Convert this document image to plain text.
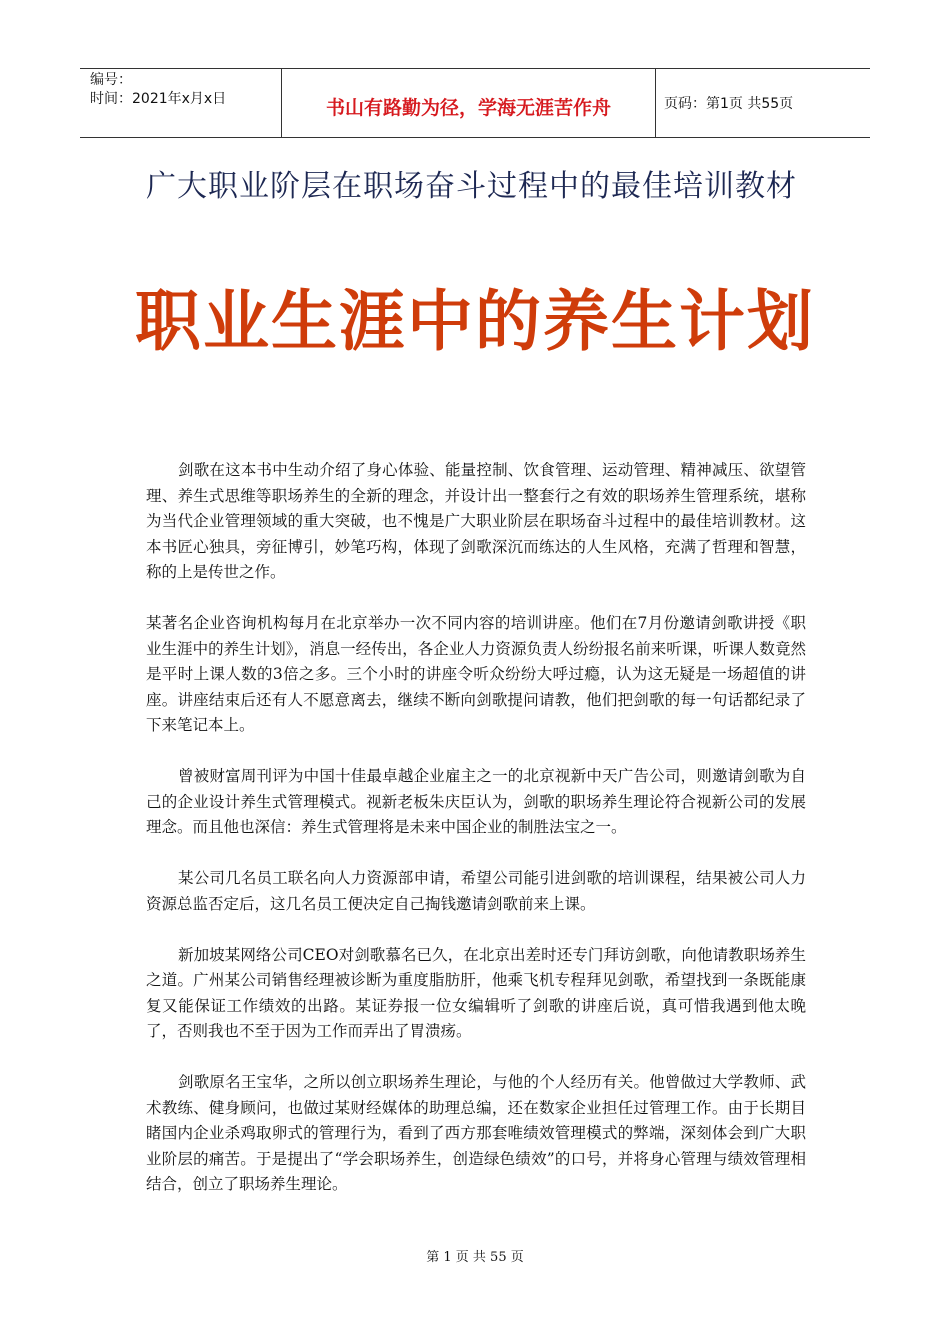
编号：
时间：2021年x月x日	书山有路勤为径，学海无涯苦作舟	页码：第1页 共55页
广大职业阶层在职场奋斗过程中的最佳培训教材
职业生涯中的养生计划

剑歌在这本书中生动介绍了身心体验、能量控制、饮食管理、运动管理、精神减压、欲望管理、养生式思维等职场养生的全新的理念，并设计出一整套行之有效的职场养生管理系统，堪称为当代企业管理领域的重大突破，也不愧是广大职业阶层在职场奋斗过程中的最佳培训教材。这本书匠心独具，旁征博引，妙笔巧构，体现了剑歌深沉而练达的人生风格，充满了哲理和智慧，称的上是传世之作。

某著名企业咨询机构每月在北京举办一次不同内容的培训讲座。他们在7月份邀请剑歌讲授《职业生涯中的养生计划》，消息一经传出，各企业人力资源负责人纷纷报名前来听课，听课人数竟然是平时上课人数的3倍之多。三个小时的讲座令听众纷纷大呼过瘾，认为这无疑是一场超值的讲座。讲座结束后还有人不愿意离去，继续不断向剑歌提问请教，他们把剑歌的每一句话都纪录了下来笔记本上。

曾被财富周刊评为中国十佳最卓越企业雇主之一的北京视新中天广告公司，则邀请剑歌为自己的企业设计养生式管理模式。视新老板朱庆臣认为，剑歌的职场养生理论符合视新公司的发展理念。而且他也深信：养生式管理将是未来中国企业的制胜法宝之一。

某公司几名员工联名向人力资源部申请，希望公司能引进剑歌的培训课程，结果被公司人力资源总监否定后，这几名员工便决定自己掏钱邀请剑歌前来上课。

新加坡某网络公司CEO对剑歌慕名已久，在北京出差时还专门拜访剑歌，向他请教职场养生之道。广州某公司销售经理被诊断为重度脂肪肝，他乘飞机专程拜见剑歌，希望找到一条既能康复又能保证工作绩效的出路。某证券报一位女编辑听了剑歌的讲座后说，真可惜我遇到他太晚了，否则我也不至于因为工作而弄出了胃溃疡。

剑歌原名王宝华，之所以创立职场养生理论，与他的个人经历有关。他曾做过大学教师、武术教练、健身顾问，也做过某财经媒体的助理总编，还在数家企业担任过管理工作。由于长期目睹国内企业杀鸡取卵式的管理行为，看到了西方那套唯绩效管理模式的弊端，深刻体会到广大职业阶层的痛苦。于是提出了“学会职场养生，创造绿色绩效”的口号，并将身心管理与绩效管理相结合，创立了职场养生理论。

第 1 页 共 55 页
